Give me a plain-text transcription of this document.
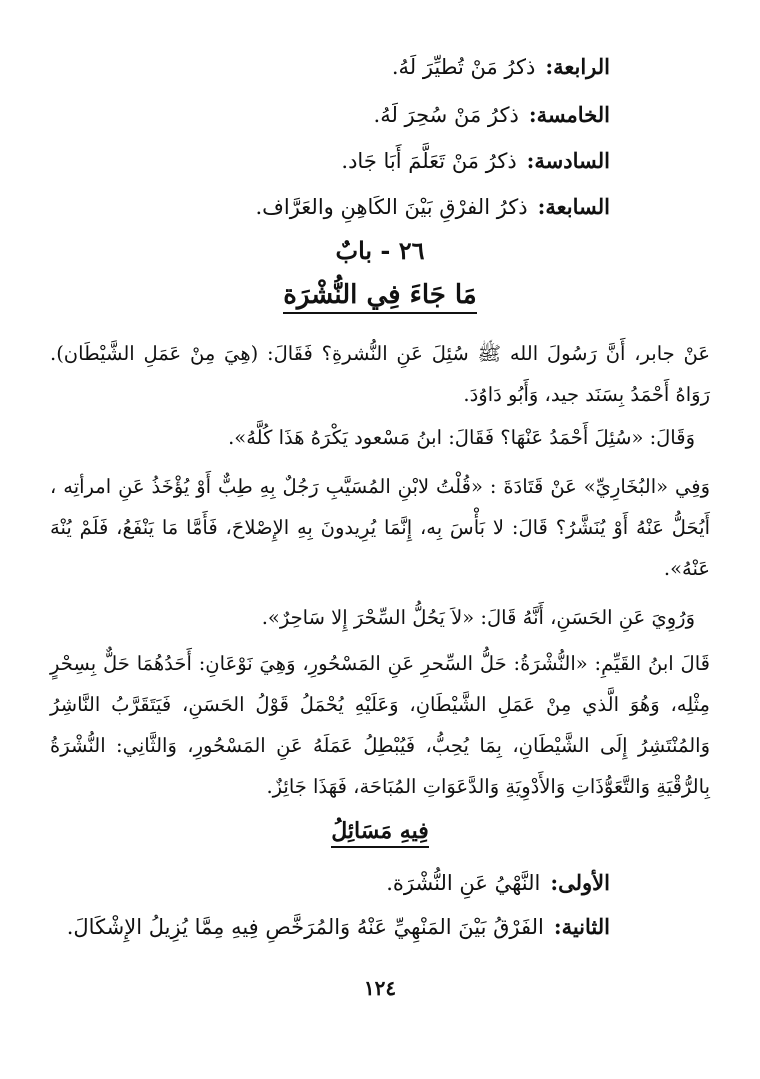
الرابعة:ذكرُ مَنْ تُطيِّرَ لَهُ.
الخامسة:ذكرُ مَنْ سُحِرَ لَهُ.
السادسة:ذكرُ مَنْ تَعَلَّمَ أَبَا جَاد.
السابعة:ذكرُ الفرْقِ بَيْنَ الكَاهِنِ والعَرَّاف.
٢٦ - بابٌ
مَا جَاءَ فِي النُّشْرَة
عَنْ جابر، أَنَّ رَسُولَ الله ﷺ سُئِلَ عَنِ النُّشرةِ؟ فَقَالَ: (هِيَ مِنْ عَمَلِ الشَّيْطَان). رَوَاهُ أَحْمَدُ بِسَنَد جيد، وَأَبُو دَاوُدَ.
وَقَالَ: «سُئِلَ أَحْمَدُ عَنْهَا؟ فَقَالَ: ابنُ مَسْعود يَكْرَهُ هَذَا كُلَّهُ».
وَفِي «البُخَارِيِّ» عَنْ قَتَادَةَ : «قُلْتُ لابْنِ المُسَيَّبِ رَجُلٌ بِهِ طِبٌّ أَوْ يُؤْخَذُ عَنِ امرأتِه ، أَيُحَلُّ عَنْهُ أَوْ يُنَشَّرُ؟ قَالَ: لا بَأْسَ بِه، إِنَّمَا يُرِيدونَ بِهِ الإِصْلاحَ، فَأَمَّا مَا يَنْفَعُ، فَلَمْ يُنْهَ عَنْهُ».
وَرُوِيَ عَنِ الحَسَنِ، أَنَّهُ قَالَ: «لاَ يَحُلُّ السِّحْرَ إِلا سَاحِرٌ».
قَالَ ابنُ القَيِّمِ: «النُّشْرَةُ: حَلُّ السِّحرِ عَنِ المَسْحُورِ، وَهِيَ نَوْعَانِ: أَحَدُهُمَا حَلٌّ بِسِحْرٍ مِثْلِه، وَهُوَ الَّذي مِنْ عَمَلِ الشَّيْطَانِ، وَعَلَيْهِ يُحْمَلُ قَوْلُ الحَسَنِ، فَيَتَقَرَّبُ النَّاشِرُ وَالمُنْتَشِرُ إِلَى الشَّيْطَانِ، بِمَا يُحِبُّ، فَيُبْطِلُ عَمَلَهُ عَنِ المَسْحُورِ، وَالثَّانِي: النُّشْرَةُ بِالرُّقْيَةِ وَالتَّعَوُّذَاتِ وَالأَدْوِيَةِ وَالدَّعَوَاتِ المُبَاحَة، فَهَذَا جَائِزٌ.
فِيهِ مَسَائِلُ
الأولى:النَّهْيُ عَنِ النُّشْرَة.
الثانية:الفَرْقُ بَيْنَ المَنْهِيِّ عَنْهُ وَالمُرَخَّصِ فِيهِ مِمَّا يُزِيلُ الإِشْكَالَ.
١٢٤
